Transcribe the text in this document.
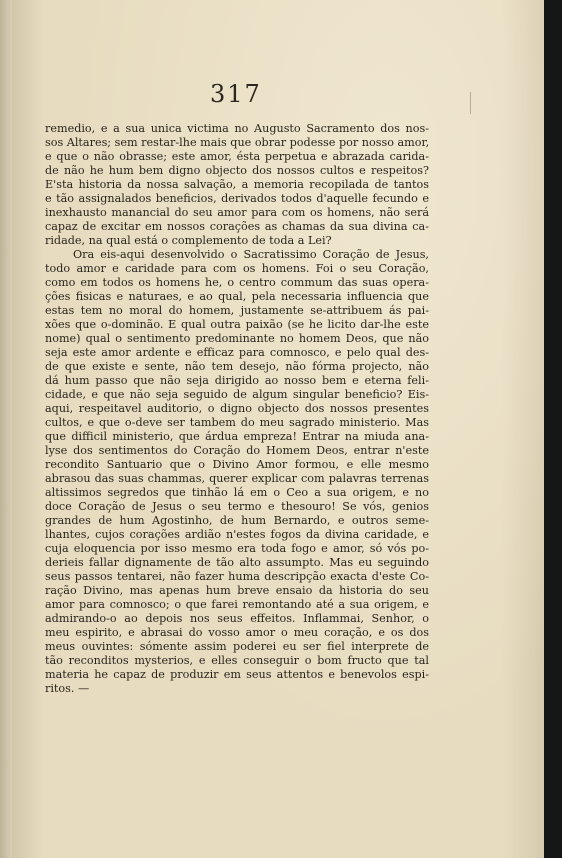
317
remedio, e a sua unica victima no Augusto Sacramento dos nos-
sos Altares; sem restar-lhe mais que obrar podesse por nosso amor,
e que o não obrasse; este amor, ésta perpetua e abrazada carida-
de não he hum bem digno objecto dos nossos cultos e respeitos?
E'sta historia da nossa salvação, a memoria recopilada de tantos
e tão assignalados beneficios, derivados todos d'aquelle fecundo e
inexhausto manancial do seu amor para com os homens, não será
capaz de excitar em nossos corações as chamas da sua divina ca-
ridade, na qual está o complemento de toda a Lei?
Ora eis-aqui desenvolvido o Sacratissimo Coração de Jesus,
todo amor e caridade para com os homens. Foi o seu Coração,
como em todos os homens he, o centro commum das suas opera-
ções fisicas e naturaes, e ao qual, pela necessaria influencia que
estas tem no moral do homem, justamente se-attribuem ás pai-
xões que o-dominão. E qual outra paixão (se he licito dar-lhe este
nome) qual o sentimento predominante no homem Deos, que não
seja este amor ardente e efficaz para comnosco, e pelo qual des-
de que existe e sente, não tem desejo, não fórma projecto, não
dá hum passo que não seja dirigido ao nosso bem e eterna feli-
cidade, e que não seja seguido de algum singular beneficio? Eis-
aqui, respeitavel auditorio, o digno objecto dos nossos presentes
cultos, e que o-deve ser tambem do meu sagrado ministerio. Mas
que difficil ministerio, que árdua empreza! Entrar na miuda ana-
lyse dos sentimentos do Coração do Homem Deos, entrar n'este
recondito Santuario que o Divino Amor formou, e elle mesmo
abrasou das suas chammas, querer explicar com palavras terrenas
altissimos segredos que tinhão lá em o Ceo a sua origem, e no
doce Coração de Jesus o seu termo e thesouro! Se vós, genios
grandes de hum Agostinho, de hum Bernardo, e outros seme-
lhantes, cujos corações ardião n'estes fogos da divina caridade, e
cuja eloquencia por isso mesmo era toda fogo e amor, só vós po-
derieis fallar dignamente de tão alto assumpto. Mas eu seguindo
seus passos tentarei, não fazer huma descripção exacta d'este Co-
ração Divino, mas apenas hum breve ensaio da historia do seu
amor para comnosco; o que farei remontando até a sua origem, e
admirando-o ao depois nos seus effeitos. Inflammai, Senhor, o
meu espirito, e abrasai do vosso amor o meu coração, e os dos
meus ouvintes: sómente assim poderei eu ser fiel interprete de
tão reconditos mysterios, e elles conseguir o bom fructo que tal
materia he capaz de produzir em seus attentos e benevolos espi-
ritos. —
